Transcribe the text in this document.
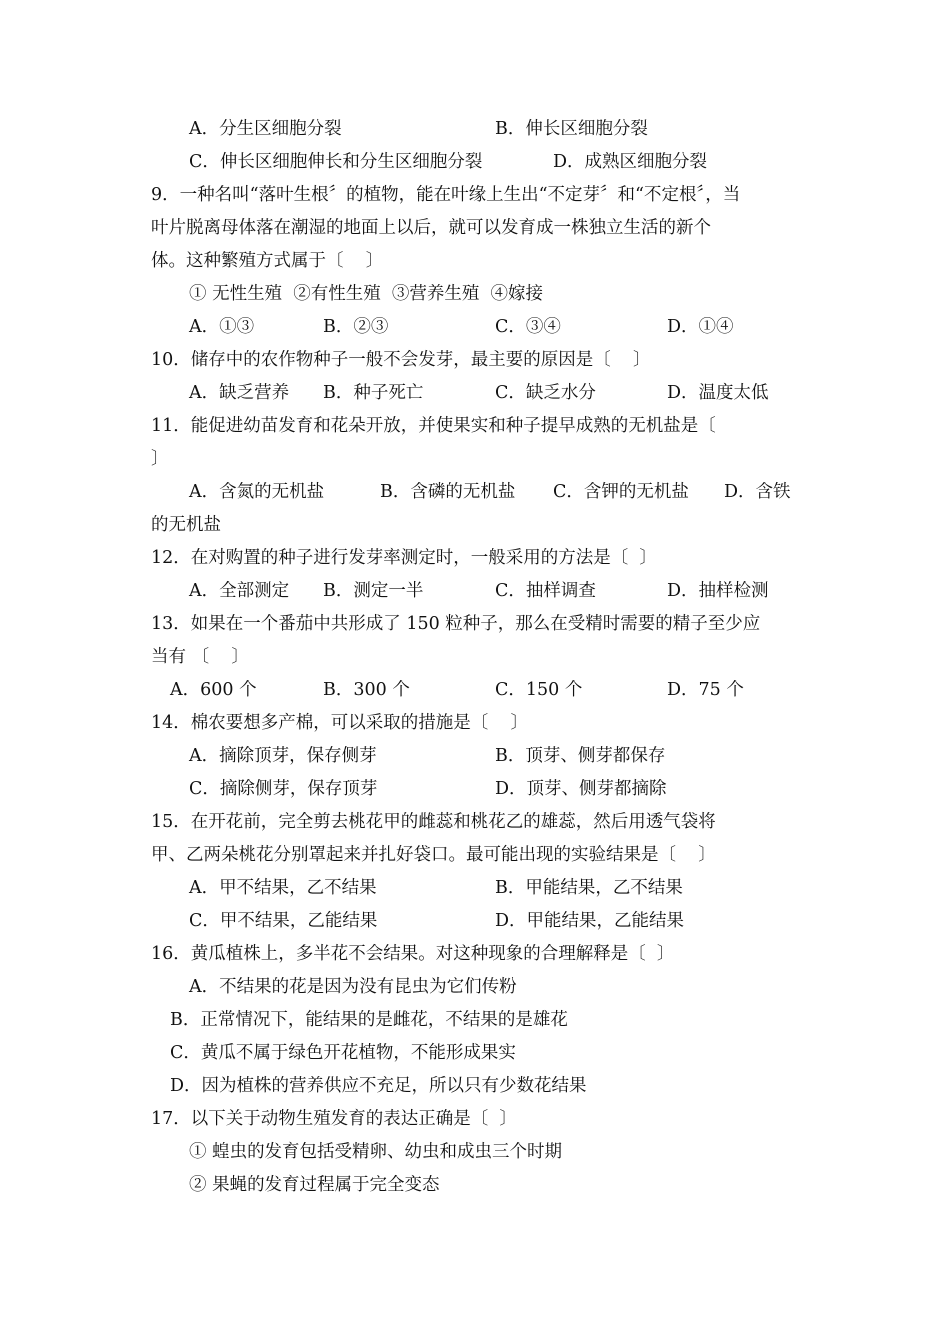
A．分生区细胞分裂	B．伸长区细胞分裂
C．伸长区细胞伸长和分生区细胞分裂	D．成熟区细胞分裂
9．一种名叫“落叶生根〞的植物，能在叶缘上生出“不定芽〞和“不定根〞，当
叶片脱离母体落在潮湿的地面上以后，就可以发育成一株独立生活的新个
体。这种繁殖方式属于〔    〕
① 无性生殖  ②有性生殖  ③营养生殖  ④嫁接
A．①③	B．②③	C．③④	D．①④
10．储存中的农作物种子一般不会发芽，最主要的原因是〔    〕
A．缺乏营养 B．种子死亡	C．缺乏水分	D．温度太低
11．能促进幼苗发育和花朵开放，并使果实和种子提早成熟的无机盐是〔
〕
A．含氮的无机盐	B．含磷的无机盐 C．含钾的无机盐 D．含铁
的无机盐
12．在对购置的种子进行发芽率测定时，一般采用的方法是〔  〕
A．全部测定 B．测定一半	C．抽样调查	D．抽样检测
13．如果在一个番茄中共形成了 150 粒种子，那么在受精时需要的精子至少应
当有 〔    〕
A．600 个	B．300 个	C．150 个	D．75 个
14．棉农要想多产棉，可以采取的措施是〔    〕
A．摘除顶芽，保存侧芽	B．顶芽、侧芽都保存
C．摘除侧芽，保存顶芽	D．顶芽、侧芽都摘除
15．在开花前，完全剪去桃花甲的雌蕊和桃花乙的雄蕊，然后用透气袋将
甲、乙两朵桃花分别罩起来并扎好袋口。最可能出现的实验结果是〔    〕
A．甲不结果，乙不结果	B．甲能结果，乙不结果
C．甲不结果，乙能结果	D．甲能结果，乙能结果
16．黄瓜植株上，多半花不会结果。对这种现象的合理解释是〔  〕
A．不结果的花是因为没有昆虫为它们传粉
B．正常情况下，能结果的是雌花，不结果的是雄花
C．黄瓜不属于绿色开花植物，不能形成果实
D．因为植株的营养供应不充足，所以只有少数花结果
17．以下关于动物生殖发育的表达正确是〔  〕
① 蝗虫的发育包括受精卵、幼虫和成虫三个时期
② 果蝇的发育过程属于完全变态
